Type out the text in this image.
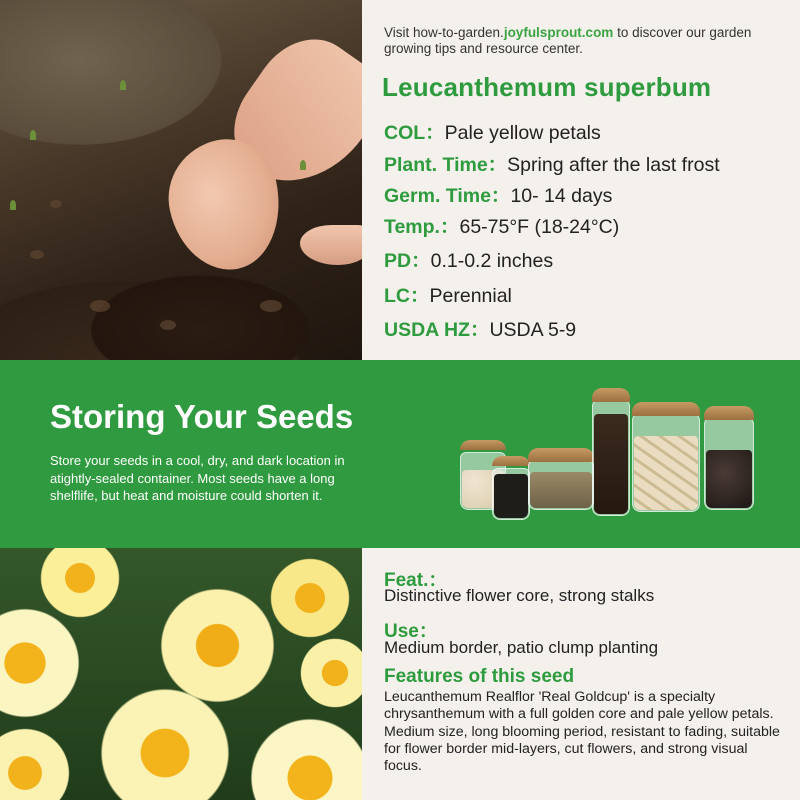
Visit how-to-garden.joyfulsprout.com to discover our garden growing tips and resource center.

Leucanthemum superbum
COL：Pale yellow petals
Plant. Time：Spring after the last frost
Germ. Time：10- 14 days
Temp.：65-75°F (18-24°C)
PD：0.1-0.2 inches
LC：Perennial
USDA HZ：USDA 5-9
Storing Your Seeds

Store your seeds in a cool, dry, and dark location in atightly-sealed container. Most seeds have a long shelflife, but heat and moisture could shorten it.

Feat.：
Distinctive flower core, strong stalks
Use：
Medium border, patio clump planting
Features of this seed

Leucanthemum Realflor 'Real Goldcup' is a specialty chrysanthemum with a full golden core and pale yellow petals. Medium size, long blooming period, resistant to fading, suitable for flower border mid-layers, cut flowers, and strong visual focus.
